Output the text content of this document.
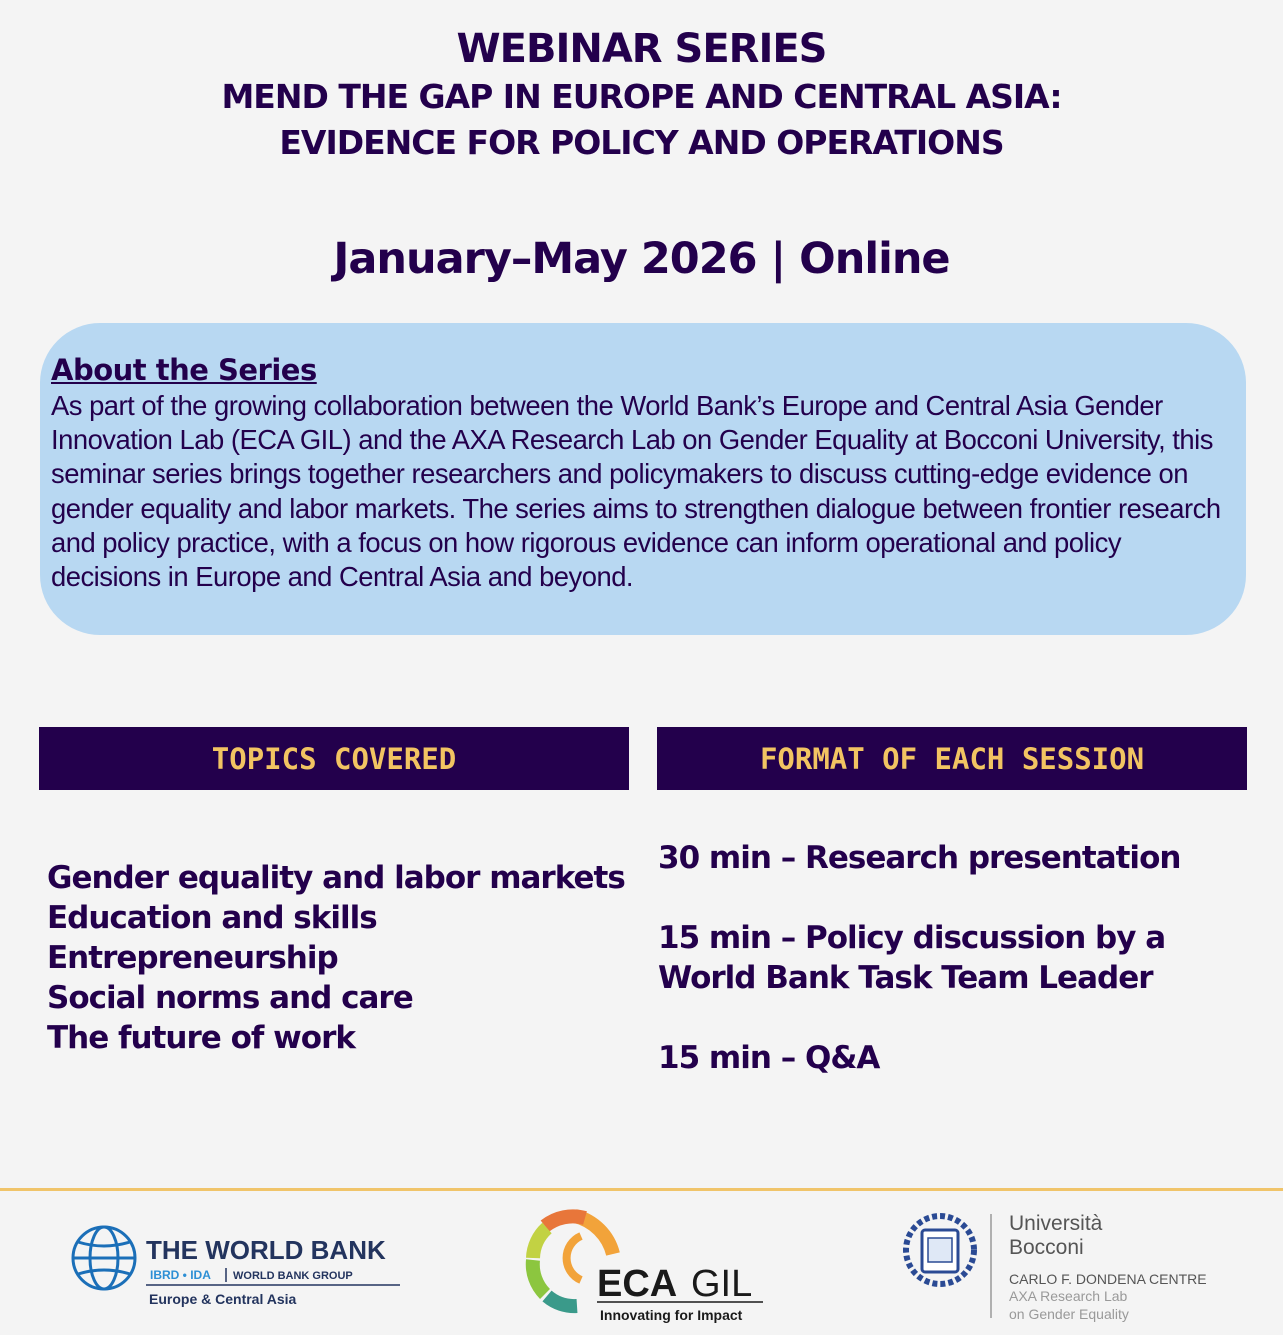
WEBINAR SERIES
MEND THE GAP IN EUROPE AND CENTRAL ASIA:
EVIDENCE FOR POLICY AND OPERATIONS
January–May 2026 | Online
About the Series
As part of the growing collaboration between the World Bank’s Europe and Central Asia Gender Innovation Lab (ECA GIL) and the AXA Research Lab on Gender Equality at Bocconi University, this seminar series brings together researchers and policymakers to discuss cutting-edge evidence on gender equality and labor markets. The series aims to strengthen dialogue between frontier research and policy practice, with a focus on how rigorous evidence can inform operational and policy decisions in Europe and Central Asia and beyond.
TOPICS COVERED	FORMAT OF EACH SESSION
Gender equality and labor markets
Education and skills
Entrepreneurship
Social norms and care
The future of work
30 min – Research presentation
15 min – Policy discussion by a World Bank Task Team Leader
15 min – Q&A
THE WORLD BANK
IBRD • IDA WORLD BANK GROUP
Europe & Central Asia	ECA GIL
Innovating for Impact
Università
Bocconi
CARLO F. DONDENA CENTRE
AXA Research Lab
on Gender Equality
